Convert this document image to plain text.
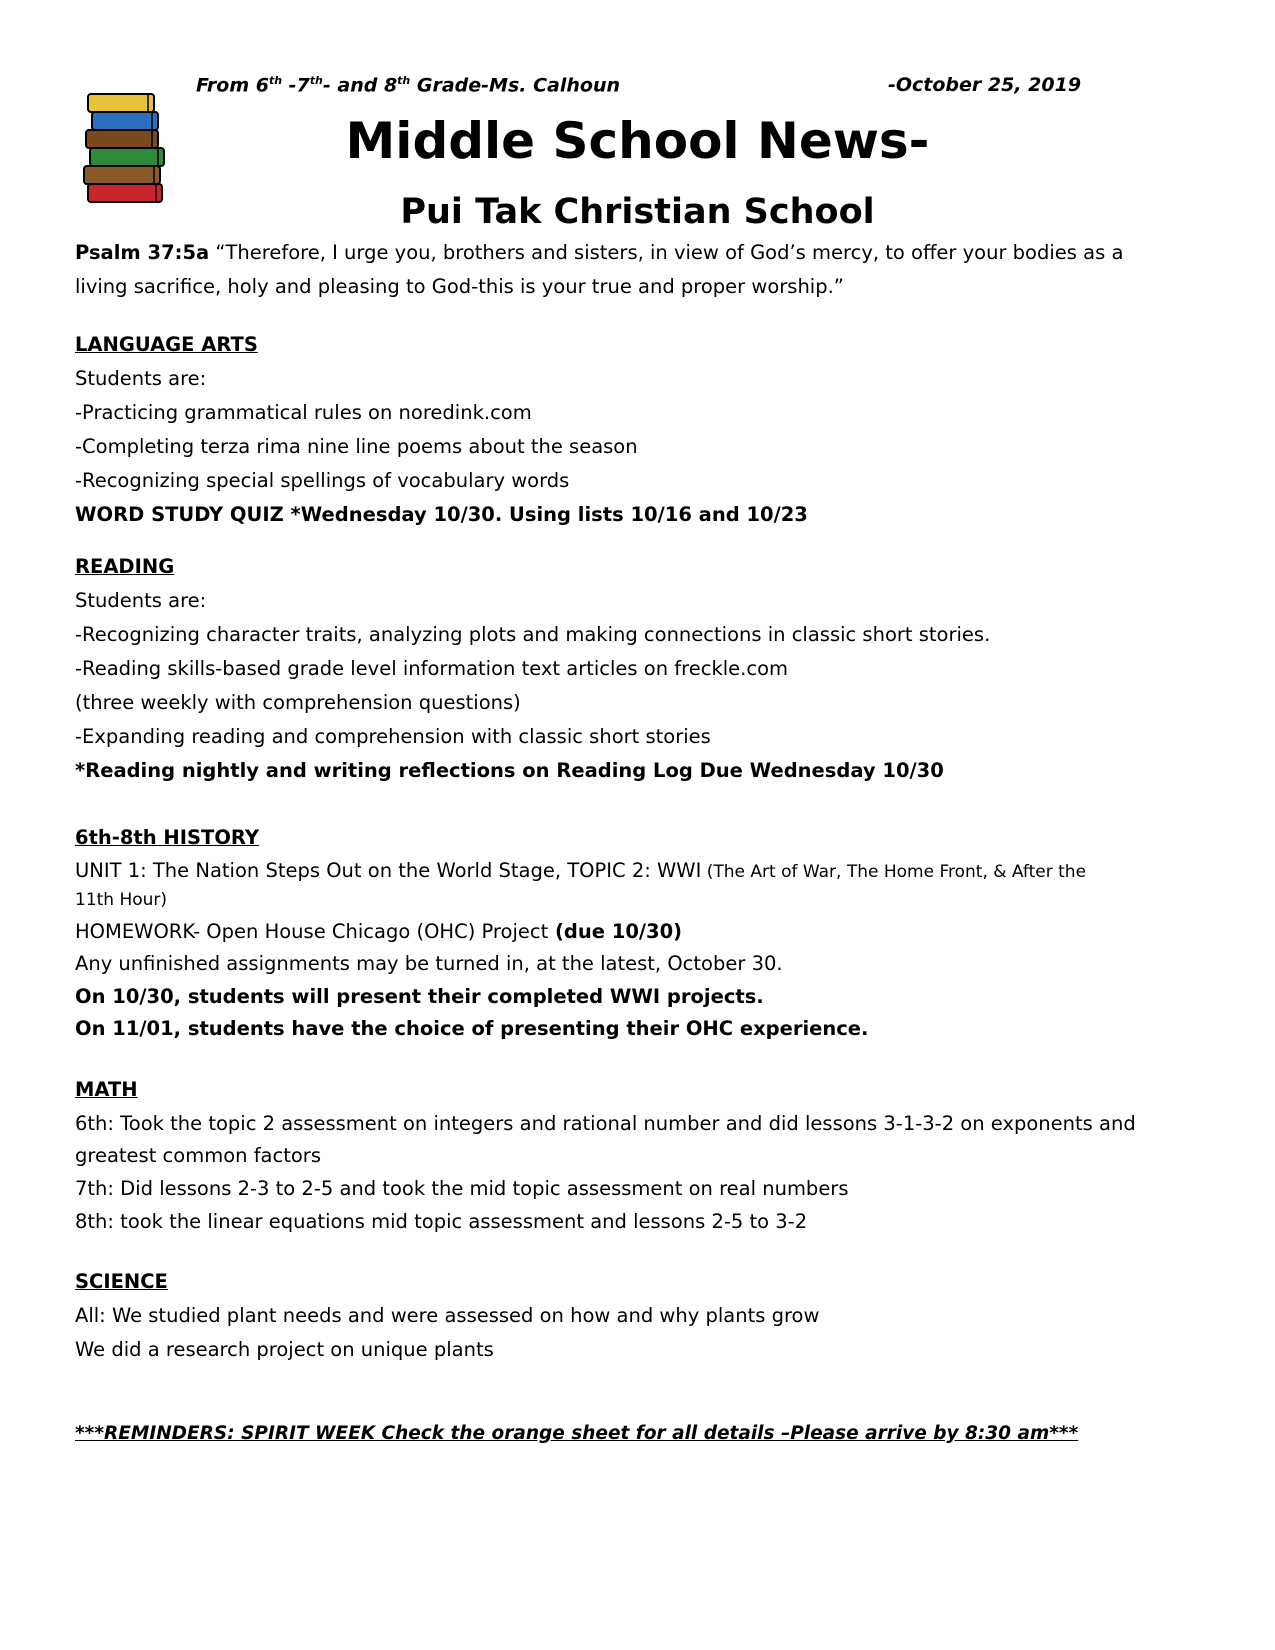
From 6th -7th- and 8th Grade-Ms. Calhoun	-October 25, 2019
Middle School News-
Pui Tak Christian School
Psalm 37:5a “Therefore, I urge you, brothers and sisters, in view of God’s mercy, to offer your bodies as a
living sacrifice, holy and pleasing to God-this is your true and proper worship.”
LANGUAGE ARTS
Students are:
-Practicing grammatical rules on noredink.com
-Completing terza rima nine line poems about the season
-Recognizing special spellings of vocabulary words
WORD STUDY QUIZ *Wednesday 10/30. Using lists 10/16 and 10/23
READING
Students are:
-Recognizing character traits, analyzing plots and making connections in classic short stories.
-Reading skills-based grade level information text articles on freckle.com
(three weekly with comprehension questions)
-Expanding reading and comprehension with classic short stories
*Reading nightly and writing reflections on Reading Log Due Wednesday 10/30
6th-8th HISTORY
UNIT 1: The Nation Steps Out on the World Stage, TOPIC 2: WWI (The Art of War, The Home Front, & After the
11th Hour)
HOMEWORK- Open House Chicago (OHC) Project (due 10/30)
Any unfinished assignments may be turned in, at the latest, October 30.
On 10/30, students will present their completed WWI projects.
On 11/01, students have the choice of presenting their OHC experience.
MATH
6th: Took the topic 2 assessment on integers and rational number and did lessons 3-1-3-2 on exponents and
greatest common factors
7th: Did lessons 2-3 to 2-5 and took the mid topic assessment on real numbers
8th: took the linear equations mid topic assessment and lessons 2-5 to 3-2
SCIENCE
All: We studied plant needs and were assessed on how and why plants grow
We did a research project on unique plants
***REMINDERS: SPIRIT WEEK Check the orange sheet for all details –Please arrive by 8:30 am***
